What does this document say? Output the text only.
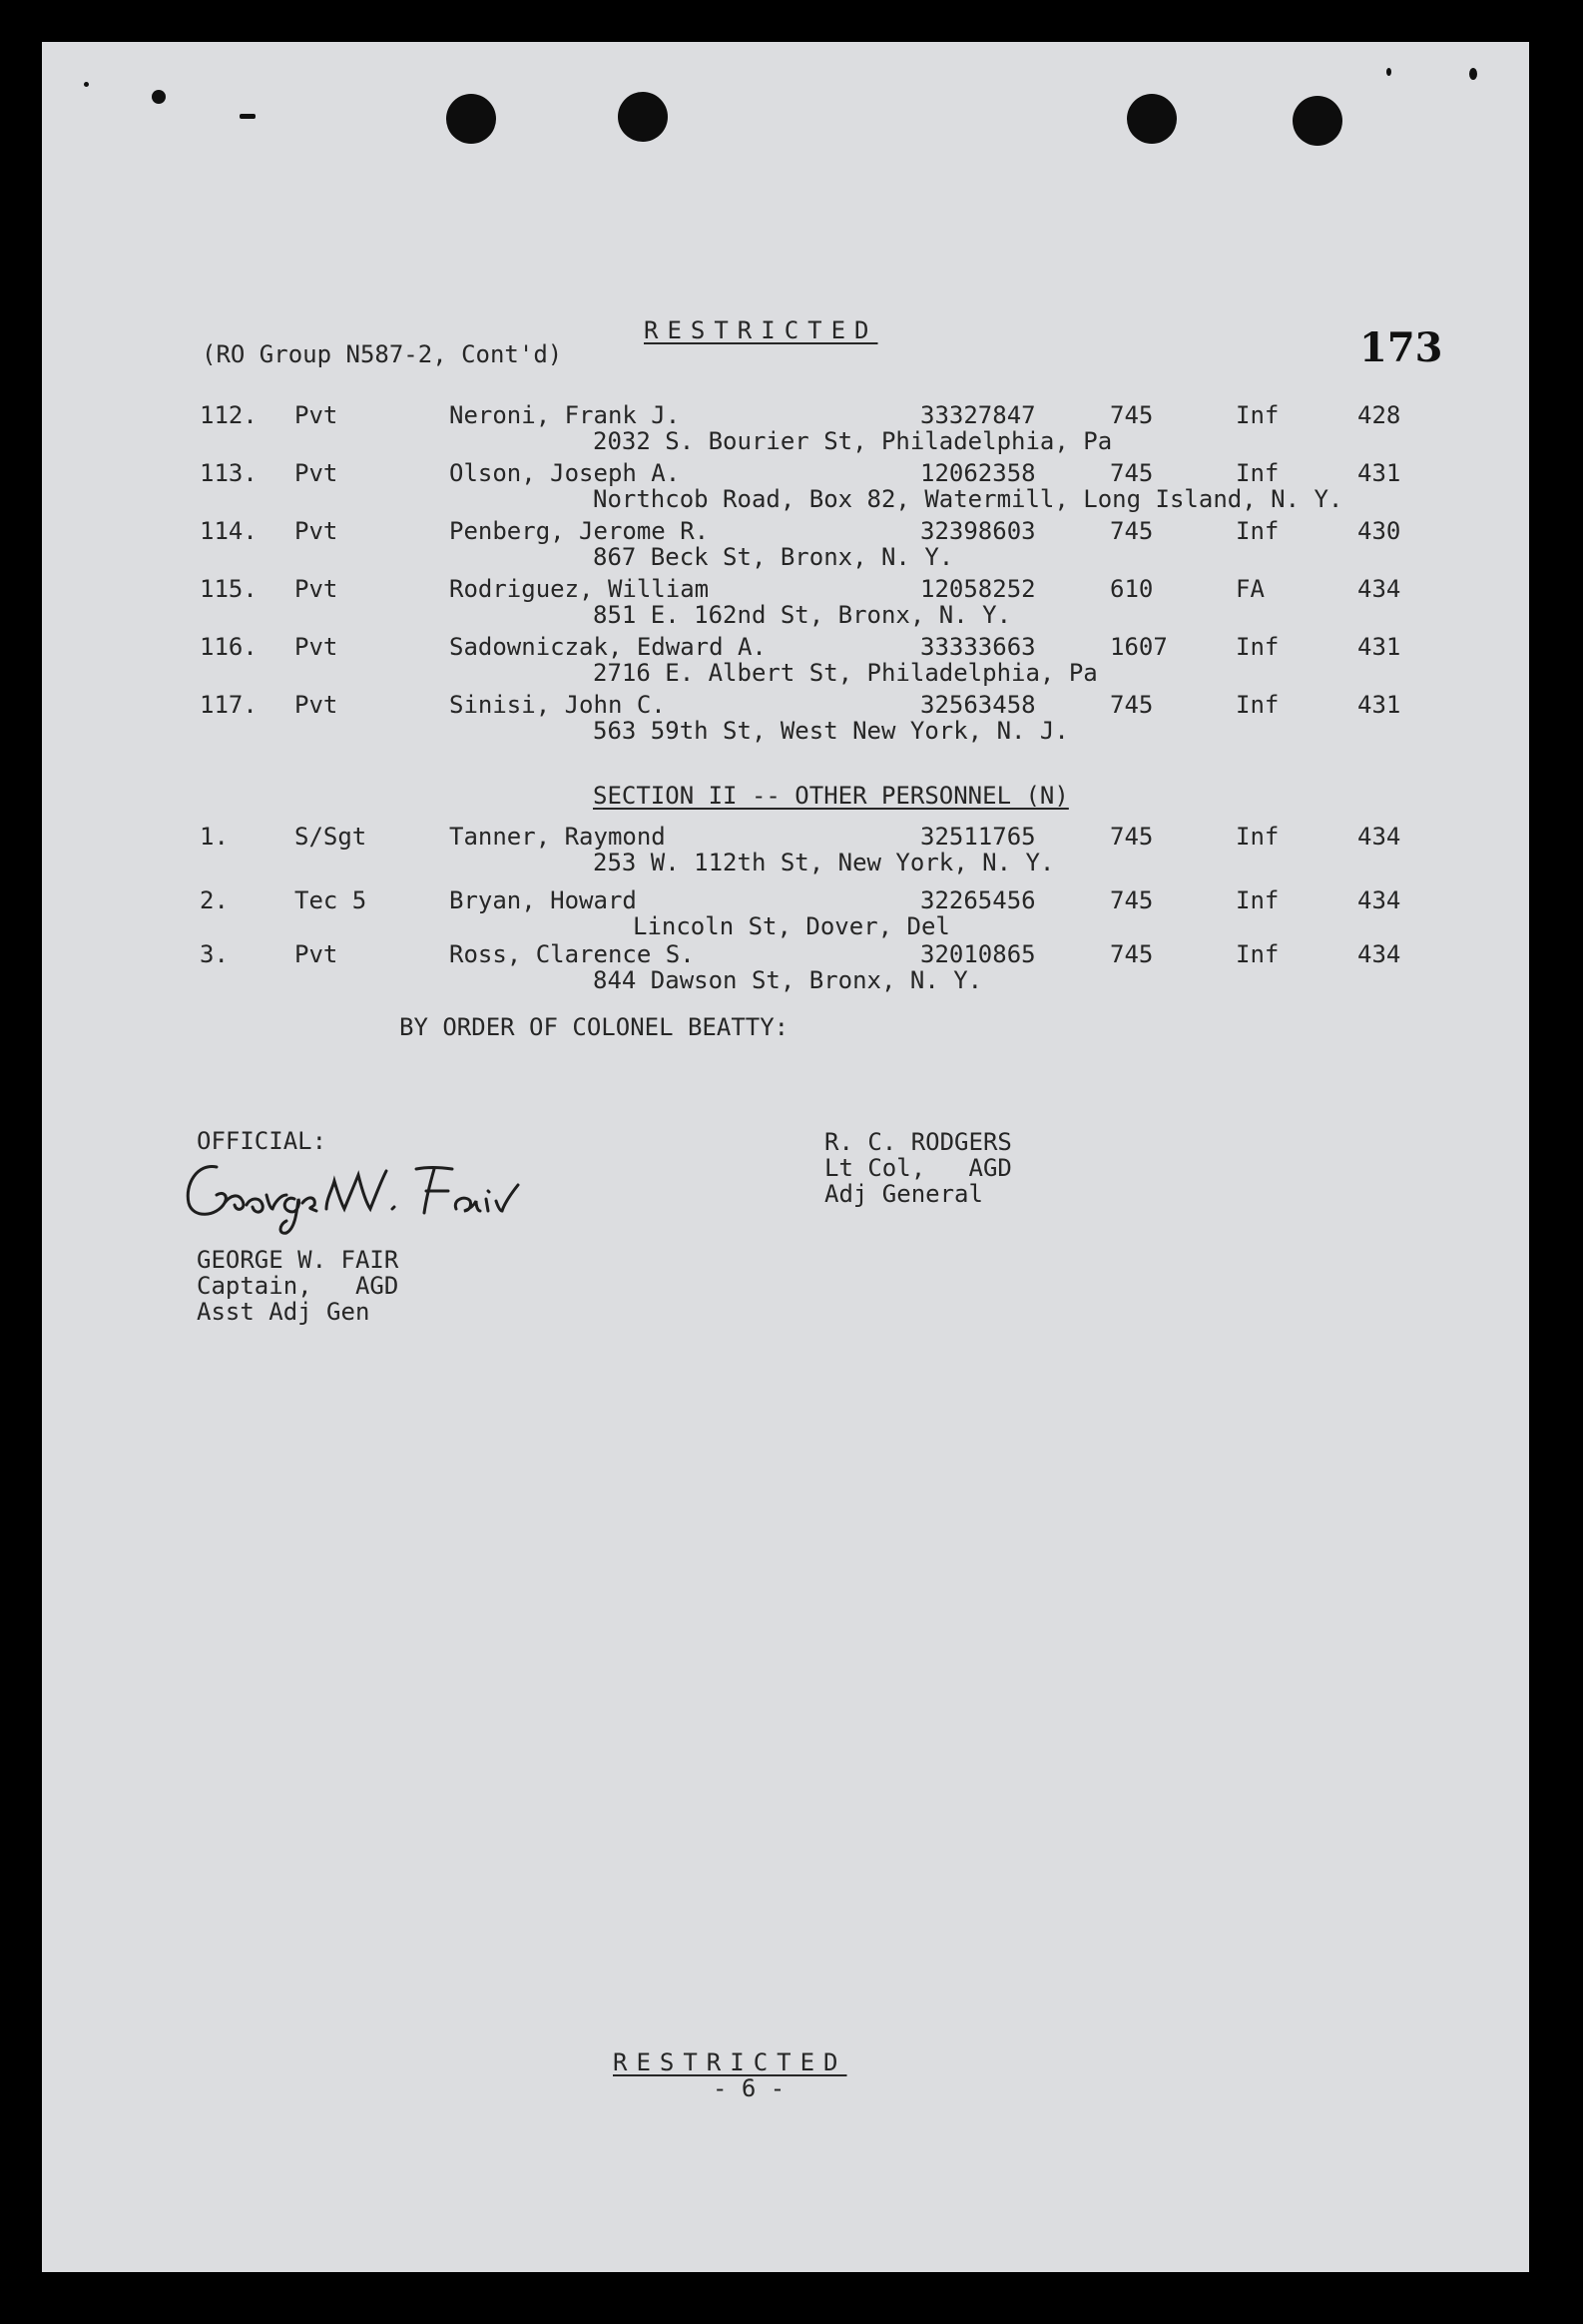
RESTRICTED
(RO Group N587-2, Cont'd)	173
112. Pvt	Neroni, Frank J.	33327847	745	Inf	428
2032 S. Bourier St, Philadelphia, Pa
113. Pvt	Olson, Joseph A.	12062358	745	Inf	431
Northcob Road, Box 82, Watermill, Long Island, N. Y.
114. Pvt	Penberg, Jerome R.	32398603	745	Inf	430
867 Beck St, Bronx, N. Y.
115. Pvt	Rodriguez, William	12058252	610	FA	434
851 E. 162nd St, Bronx, N. Y.
116. Pvt	Sadowniczak, Edward A.	33333663	1607	Inf	431
2716 E. Albert St, Philadelphia, Pa
117. Pvt	Sinisi, John C.	32563458	745	Inf	431
563 59th St, West New York, N. J.
SECTION II -- OTHER PERSONNEL (N)
1.	S/Sgt	Tanner, Raymond	32511765	745	Inf	434
253 W. 112th St, New York, N. Y.
2.	Tec 5	Bryan, Howard	32265456	745	Inf	434
Lincoln St, Dover, Del
3.	Pvt	Ross, Clarence S.	32010865	745	Inf	434
844 Dawson St, Bronx, N. Y.
BY ORDER OF COLONEL BEATTY:
OFFICIAL:
GEORGE W. FAIR
Captain,   AGD
Asst Adj Gen
R. C. RODGERS
Lt Col,   AGD
Adj General
RESTRICTED
- 6 -
